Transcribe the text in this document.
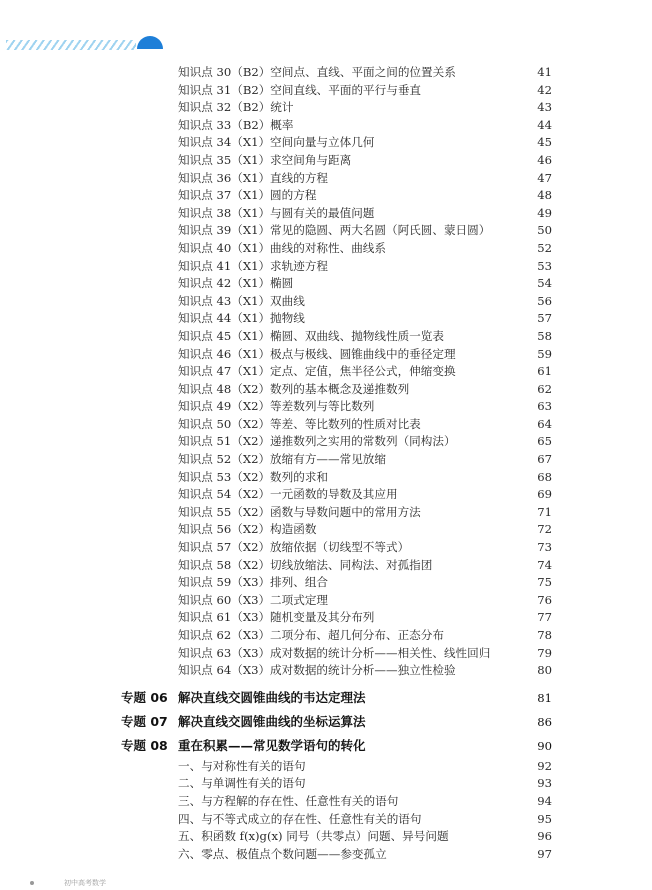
知识点 30（B2）空间点、直线、平面之间的位置关系	41
知识点 31（B2）空间直线、平面的平行与垂直	42
知识点 32（B2）统计	43
知识点 33（B2）概率	44
知识点 34（X1）空间向量与立体几何	45
知识点 35（X1）求空间角与距离	46
知识点 36（X1）直线的方程	47
知识点 37（X1）圆的方程	48
知识点 38（X1）与圆有关的最值问题	49
知识点 39（X1）常见的隐圆、两大名圆（阿氏圆、蒙日圆）	50
知识点 40（X1）曲线的对称性、曲线系	52
知识点 41（X1）求轨迹方程	53
知识点 42（X1）椭圆	54
知识点 43（X1）双曲线	56
知识点 44（X1）抛物线	57
知识点 45（X1）椭圆、双曲线、抛物线性质一览表	58
知识点 46（X1）极点与极线、圆锥曲线中的垂径定理	59
知识点 47（X1）定点、定值，焦半径公式，伸缩变换	61
知识点 48（X2）数列的基本概念及递推数列	62
知识点 49（X2）等差数列与等比数列	63
知识点 50（X2）等差、等比数列的性质对比表	64
知识点 51（X2）递推数列之实用的常数列（同构法）	65
知识点 52（X2）放缩有方——常见放缩	67
知识点 53（X2）数列的求和	68
知识点 54（X2）一元函数的导数及其应用	69
知识点 55（X2）函数与导数问题中的常用方法	71
知识点 56（X2）构造函数	72
知识点 57（X2）放缩依据（切线型不等式）	73
知识点 58（X2）切线放缩法、同构法、对孤指团	74
知识点 59（X3）排列、组合	75
知识点 60（X3）二项式定理	76
知识点 61（X3）随机变量及其分布列	77
知识点 62（X3）二项分布、超几何分布、正态分布	78
知识点 63（X3）成对数据的统计分析——相关性、线性回归	79
知识点 64（X3）成对数据的统计分析——独立性检验	80
专题 06 解决直线交圆锥曲线的韦达定理法	81
专题 07 解决直线交圆锥曲线的坐标运算法	86
专题 08 重在积累——常见数学语句的转化	90
一、与对称性有关的语句	92
二、与单调性有关的语句	93
三、与方程解的存在性、任意性有关的语句	94
四、与不等式成立的存在性、任意性有关的语句	95
五、积函数 f(x)g(x) 同号（共零点）问题、异号问题	96
六、零点、极值点个数问题——参变孤立	97
初中高考数学
